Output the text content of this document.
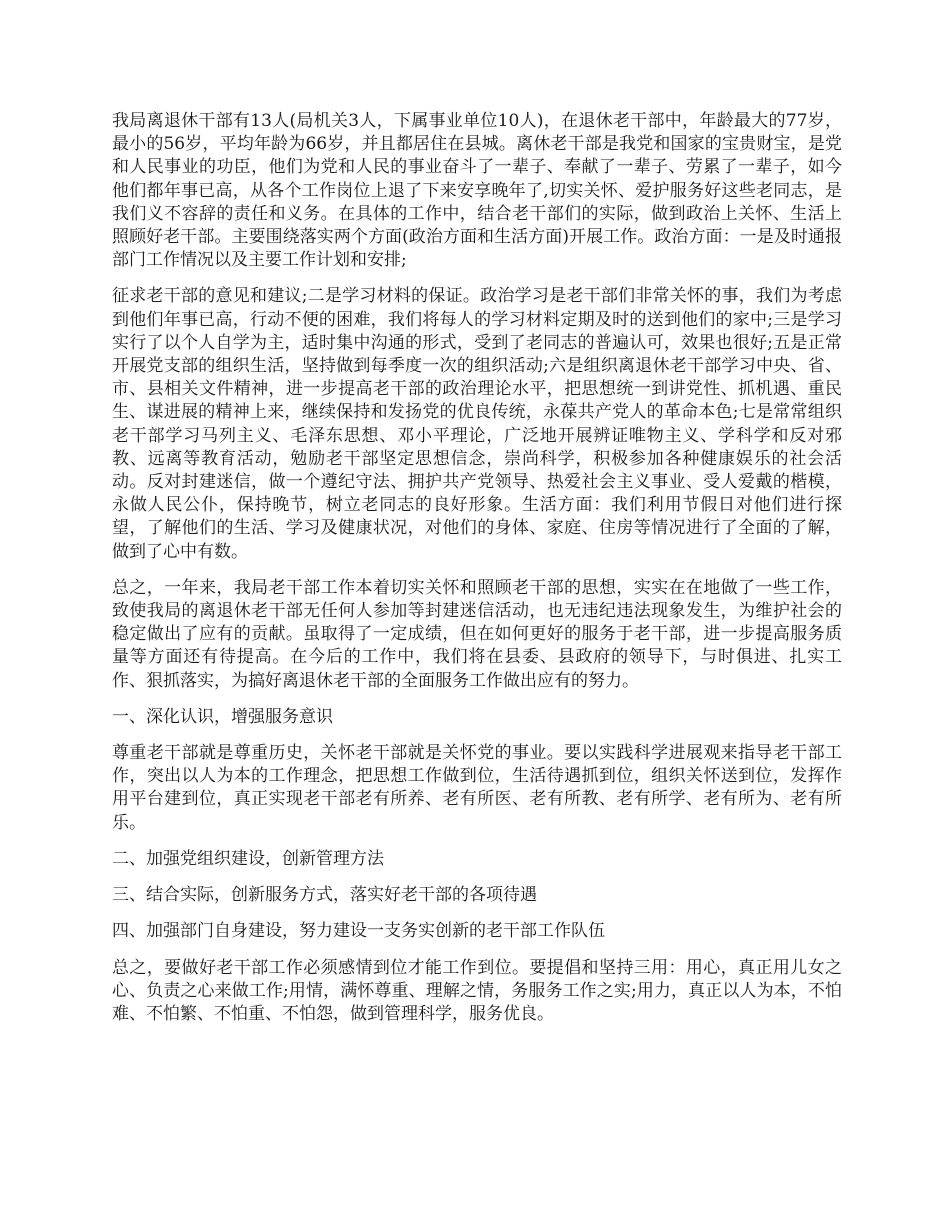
我局离退休干部有13人(局机关3人，下属事业单位10人)，在退休老干部中，年龄最大的77岁，最小的56岁，平均年龄为66岁，并且都居住在县城。离休老干部是我党和国家的宝贵财宝，是党和人民事业的功臣，他们为党和人民的事业奋斗了一辈子、奉献了一辈子、劳累了一辈子，如今他们都年事已高，从各个工作岗位上退了下来安享晚年了,切实关怀、爱护服务好这些老同志，是我们义不容辞的责任和义务。在具体的工作中，结合老干部们的实际，做到政治上关怀、生活上照顾好老干部。主要围绕落实两个方面(政治方面和生活方面)开展工作。政治方面：一是及时通报部门工作情况以及主要工作计划和安排;

征求老干部的意见和建议;二是学习材料的保证。政治学习是老干部们非常关怀的事，我们为考虑到他们年事已高，行动不便的困难，我们将每人的学习材料定期及时的送到他们的家中;三是学习实行了以个人自学为主，适时集中沟通的形式，受到了老同志的普遍认可，效果也很好;五是正常开展党支部的组织生活，坚持做到每季度一次的组织活动;六是组织离退休老干部学习中央、省、市、县相关文件精神，进一步提高老干部的政治理论水平，把思想统一到讲党性、抓机遇、重民生、谋进展的精神上来，继续保持和发扬党的优良传统，永葆共产党人的革命本色;七是常常组织老干部学习马列主义、毛泽东思想、邓小平理论，广泛地开展辨证唯物主义、学科学和反对邪教、远离等教育活动，勉励老干部坚定思想信念，崇尚科学，积极参加各种健康娱乐的社会活动。反对封建迷信，做一个遵纪守法、拥护共产党领导、热爱社会主义事业、受人爱戴的楷模，永做人民公仆，保持晚节，树立老同志的良好形象。生活方面：我们利用节假日对他们进行探望，了解他们的生活、学习及健康状况，对他们的身体、家庭、住房等情况进行了全面的了解，做到了心中有数。

总之，一年来，我局老干部工作本着切实关怀和照顾老干部的思想，实实在在地做了一些工作，致使我局的离退休老干部无任何人参加等封建迷信活动，也无违纪违法现象发生，为维护社会的稳定做出了应有的贡献。虽取得了一定成绩，但在如何更好的服务于老干部，进一步提高服务质量等方面还有待提高。在今后的工作中，我们将在县委、县政府的领导下，与时俱进、扎实工作、狠抓落实，为搞好离退休老干部的全面服务工作做出应有的努力。

一、深化认识，增强服务意识

尊重老干部就是尊重历史，关怀老干部就是关怀党的事业。要以实践科学进展观来指导老干部工作，突出以人为本的工作理念，把思想工作做到位，生活待遇抓到位，组织关怀送到位，发挥作用平台建到位，真正实现老干部老有所养、老有所医、老有所教、老有所学、老有所为、老有所乐。

二、加强党组织建设，创新管理方法

三、结合实际，创新服务方式，落实好老干部的各项待遇

四、加强部门自身建设，努力建设一支务实创新的老干部工作队伍

总之，要做好老干部工作必须感情到位才能工作到位。要提倡和坚持三用：用心，真正用儿女之心、负责之心来做工作;用情，满怀尊重、理解之情，务服务工作之实;用力，真正以人为本，不怕难、不怕繁、不怕重、不怕怨，做到管理科学，服务优良。
